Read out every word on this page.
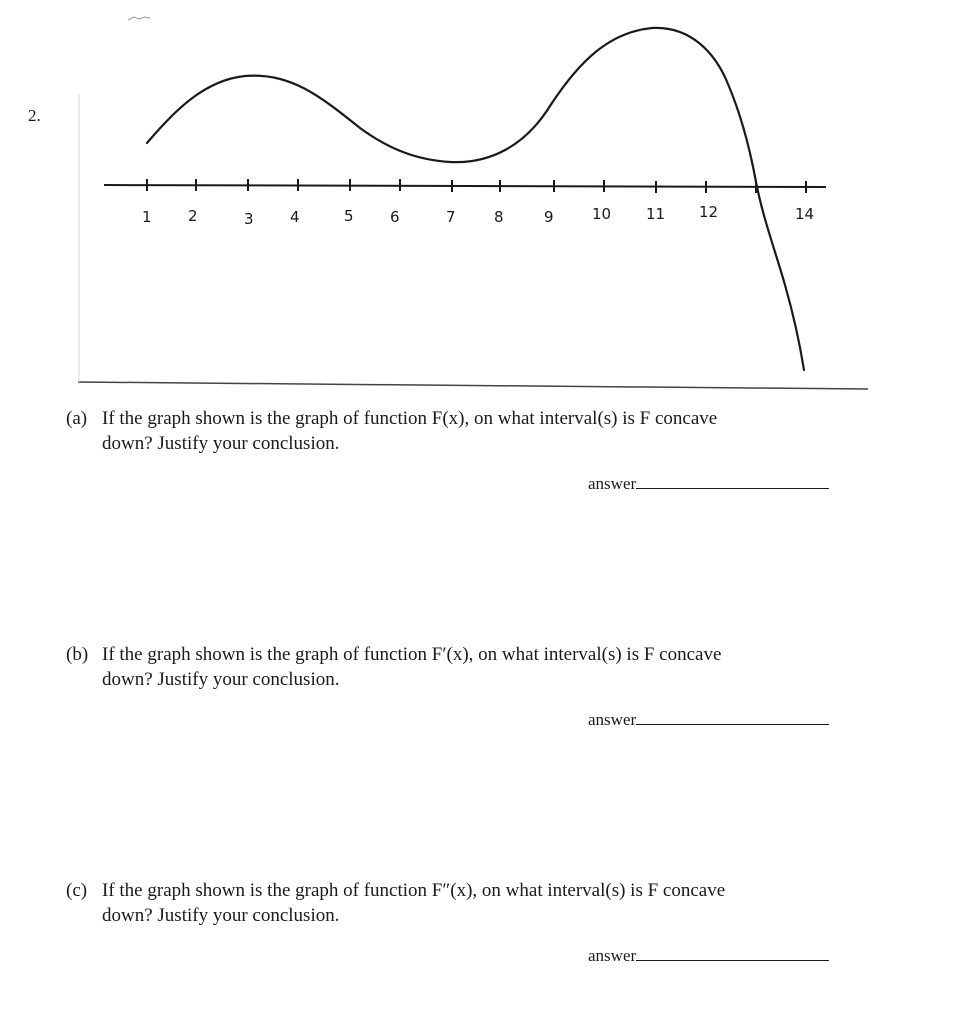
2.
1 2	3 4	5 6	7	8	9	10 11 12	14
(a) If the graph shown is the graph of function F(x), on what interval(s) is F concave
down? Justify your conclusion.
answer
(b) If the graph shown is the graph of function F′(x), on what interval(s) is F concave
down? Justify your conclusion.
answer
(c) If the graph shown is the graph of function F″(x), on what interval(s) is F concave
down? Justify your conclusion.
answer
